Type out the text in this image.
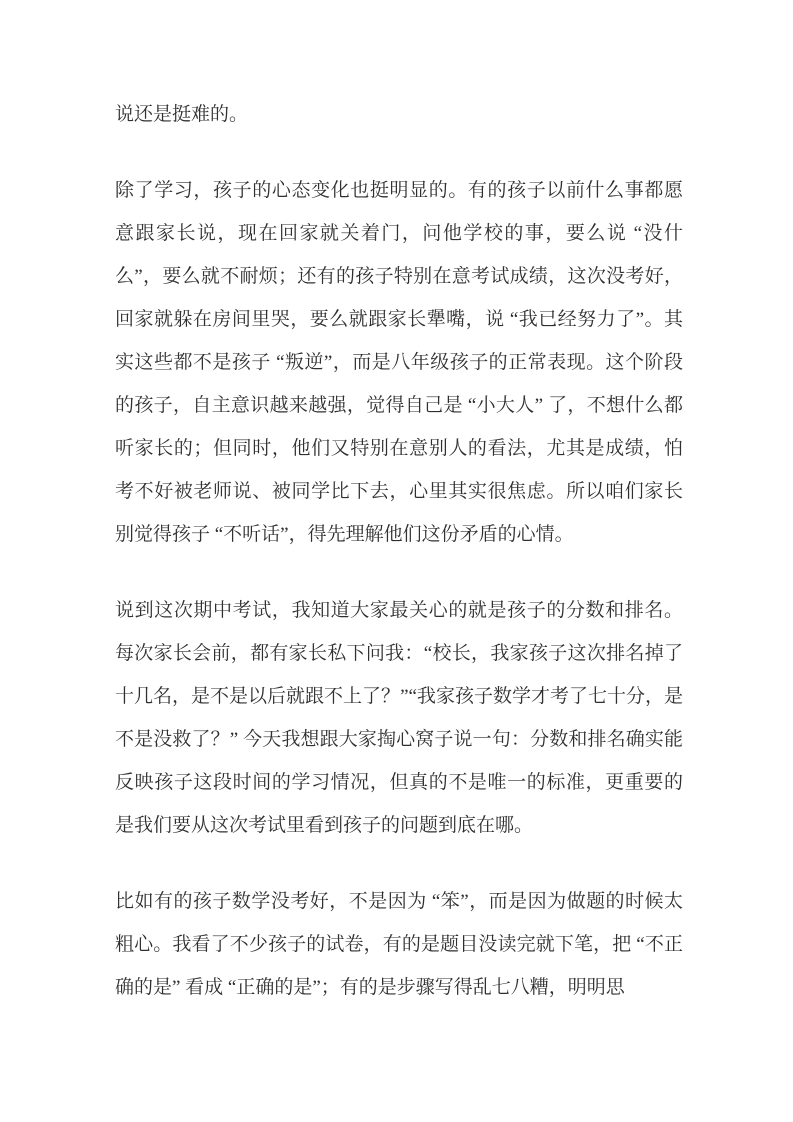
说还是挺难的。

除了学习，孩子的心态变化也挺明显的。有的孩子以前什么事都愿意跟家长说，现在回家就关着门，问他学校的事，要么说 “没什么”，要么就不耐烦；还有的孩子特别在意考试成绩，这次没考好，回家就躲在房间里哭，要么就跟家长犟嘴，说 “我已经努力了”。其实这些都不是孩子 “叛逆”，而是八年级孩子的正常表现。这个阶段的孩子，自主意识越来越强，觉得自己是 “小大人” 了，不想什么都听家长的；但同时，他们又特别在意别人的看法，尤其是成绩，怕考不好被老师说、被同学比下去，心里其实很焦虑。所以咱们家长别觉得孩子 “不听话”，得先理解他们这份矛盾的心情。

说到这次期中考试，我知道大家最关心的就是孩子的分数和排名。每次家长会前，都有家长私下问我：“校长，我家孩子这次排名掉了十几名，是不是以后就跟不上了？”“我家孩子数学才考了七十分，是不是没救了？” 今天我想跟大家掏心窝子说一句：分数和排名确实能反映孩子这段时间的学习情况，但真的不是唯一的标准，更重要的是我们要从这次考试里看到孩子的问题到底在哪。

比如有的孩子数学没考好，不是因为 “笨”，而是因为做题的时候太粗心。我看了不少孩子的试卷，有的是题目没读完就下笔，把 “不正确的是” 看成 “正确的是”；有的是步骤写得乱七八糟，明明思
